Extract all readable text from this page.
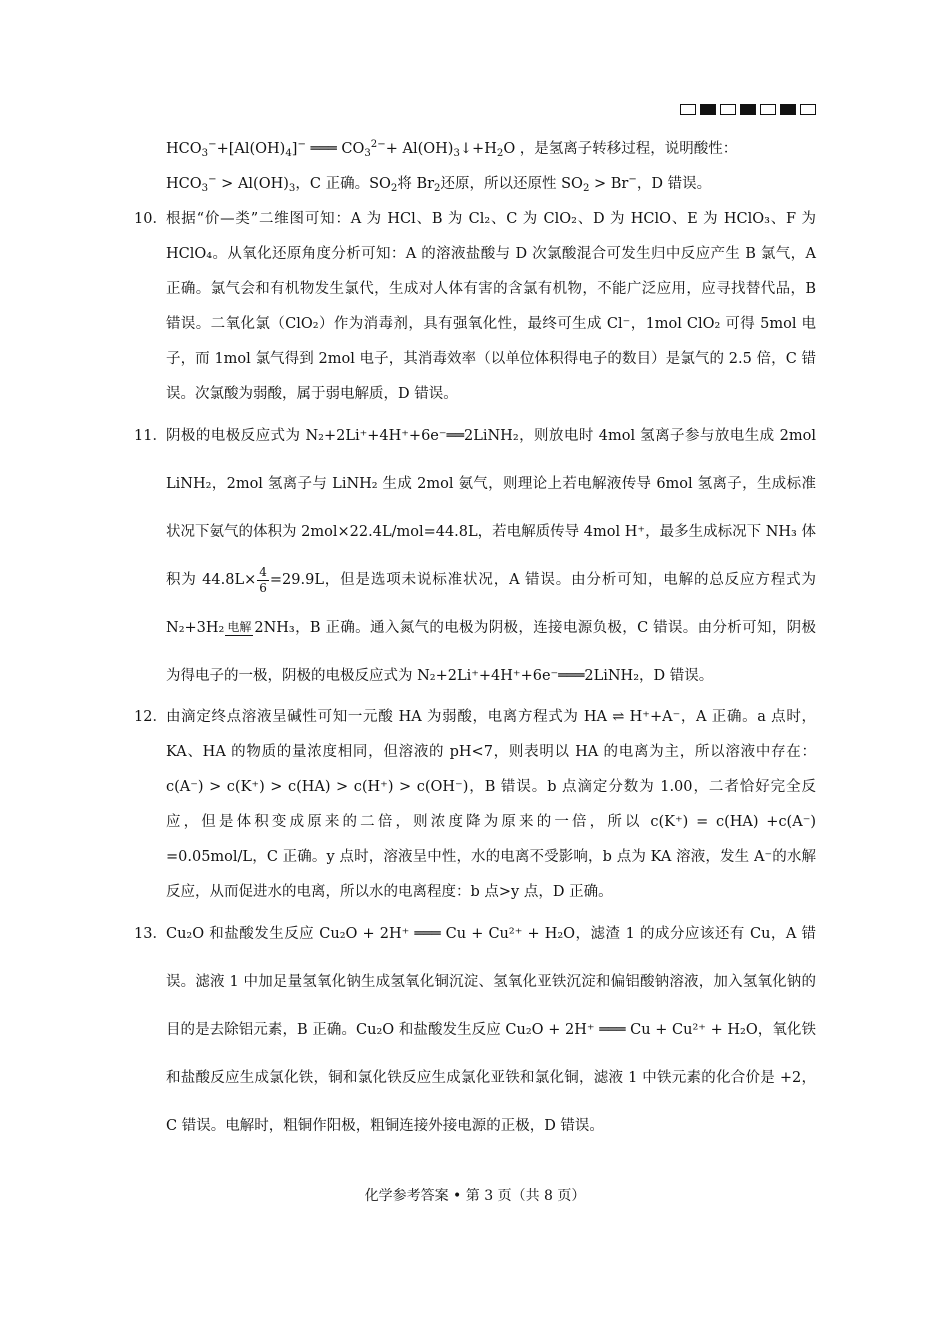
$HCO_3^-+[Al(OH)_4]^-$ ═══ $CO_3^{2-}+$ $Al(OH)_3↓+H_2O$ ，是氢离子转移过程，说明酸性：
$HCO_3^- > Al(OH)_3$，C 正确。$SO_2$将 $Br_2$还原，所以还原性 $SO_2 > Br^-$，D 错误。
10． 根据“价—类”二维图可知：A 为 HCl、B 为 Cl₂、C 为 ClO₂、D 为 HClO、E 为 HClO₃、F 为 HClO₄。从氧化还原角度分析可知：A 的溶液盐酸与 D 次氯酸混合可发生归中反应产生 B 氯气，A 正确。氯气会和有机物发生氯代，生成对人体有害的含氯有机物，不能广泛应用，应寻找替代品，B 错误。二氧化氯（ClO₂）作为消毒剂，具有强氧化性，最终可生成 Cl⁻，1mol ClO₂ 可得 5mol 电子，而 1mol 氯气得到 2mol 电子，其消毒效率（以单位体积得电子的数目）是氯气的 2.5 倍，C 错误。次氯酸为弱酸，属于弱电解质，D 错误。
11． 阴极的电极反应式为 N₂+2Li⁺+4H⁺+6e⁻══2LiNH₂，则放电时 4mol 氢离子参与放电生成 2mol LiNH₂，2mol 氢离子与 LiNH₂ 生成 2mol 氨气，则理论上若电解液传导 6mol 氢离子，生成标准状况下氨气的体积为 2mol×22.4L/mol=44.8L，若电解质传导 4mol H⁺，最多生成标况下 NH₃ 体积为 $44.8L\times \frac{4}{6} =29.9L$，但是选项未说标准状况，A 错误。由分析可知，电解的总反应方程式为 N₂+3H₂ 电解 2NH₃，B 正确。通入氮气的电极为阴极，连接电源负极，C 错误。由分析可知，阴极为得电子的一极，阴极的电极反应式为 N₂+2Li⁺+4H⁺+6e⁻═══2LiNH₂，D 错误。
12． 由滴定终点溶液呈碱性可知一元酸 HA 为弱酸，电离方程式为 HA ⇌ H⁺+A⁻，A 正确。a 点时，KA、HA 的物质的量浓度相同，但溶液的 pH<7，则表明以 HA 的电离为主，所以溶液中存在：c(A⁻) > c(K⁺) > c(HA) > c(H⁺) > c(OH⁻)，B 错误。b 点滴定分数为 1.00，二者恰好完全反应，但是体积变成原来的二倍，则浓度降为原来的一倍，所以 c(K⁺) = c(HA) +c(A⁻) =0.05mol/L，C 正确。y 点时，溶液呈中性，水的电离不受影响，b 点为 KA 溶液，发生 A⁻的水解反应，从而促进水的电离，所以水的电离程度：b 点>y 点，D 正确。
13． Cu₂O 和盐酸发生反应 Cu₂O + 2H⁺ ═══ Cu + Cu²⁺ + H₂O，滤渣 1 的成分应该还有 Cu，A 错误。滤液 1 中加足量氢氧化钠生成氢氧化铜沉淀、氢氧化亚铁沉淀和偏铝酸钠溶液，加入氢氧化钠的目的是去除铝元素，B 正确。Cu₂O 和盐酸发生反应 Cu₂O + 2H⁺ ═══ Cu + Cu²⁺ + H₂O，氧化铁和盐酸反应生成氯化铁，铜和氯化铁反应生成氯化亚铁和氯化铜，滤液 1 中铁元素的化合价是 +2，C 错误。电解时，粗铜作阳极，粗铜连接外接电源的正极，D 错误。
化学参考答案 • 第 3 页（共 8 页）
